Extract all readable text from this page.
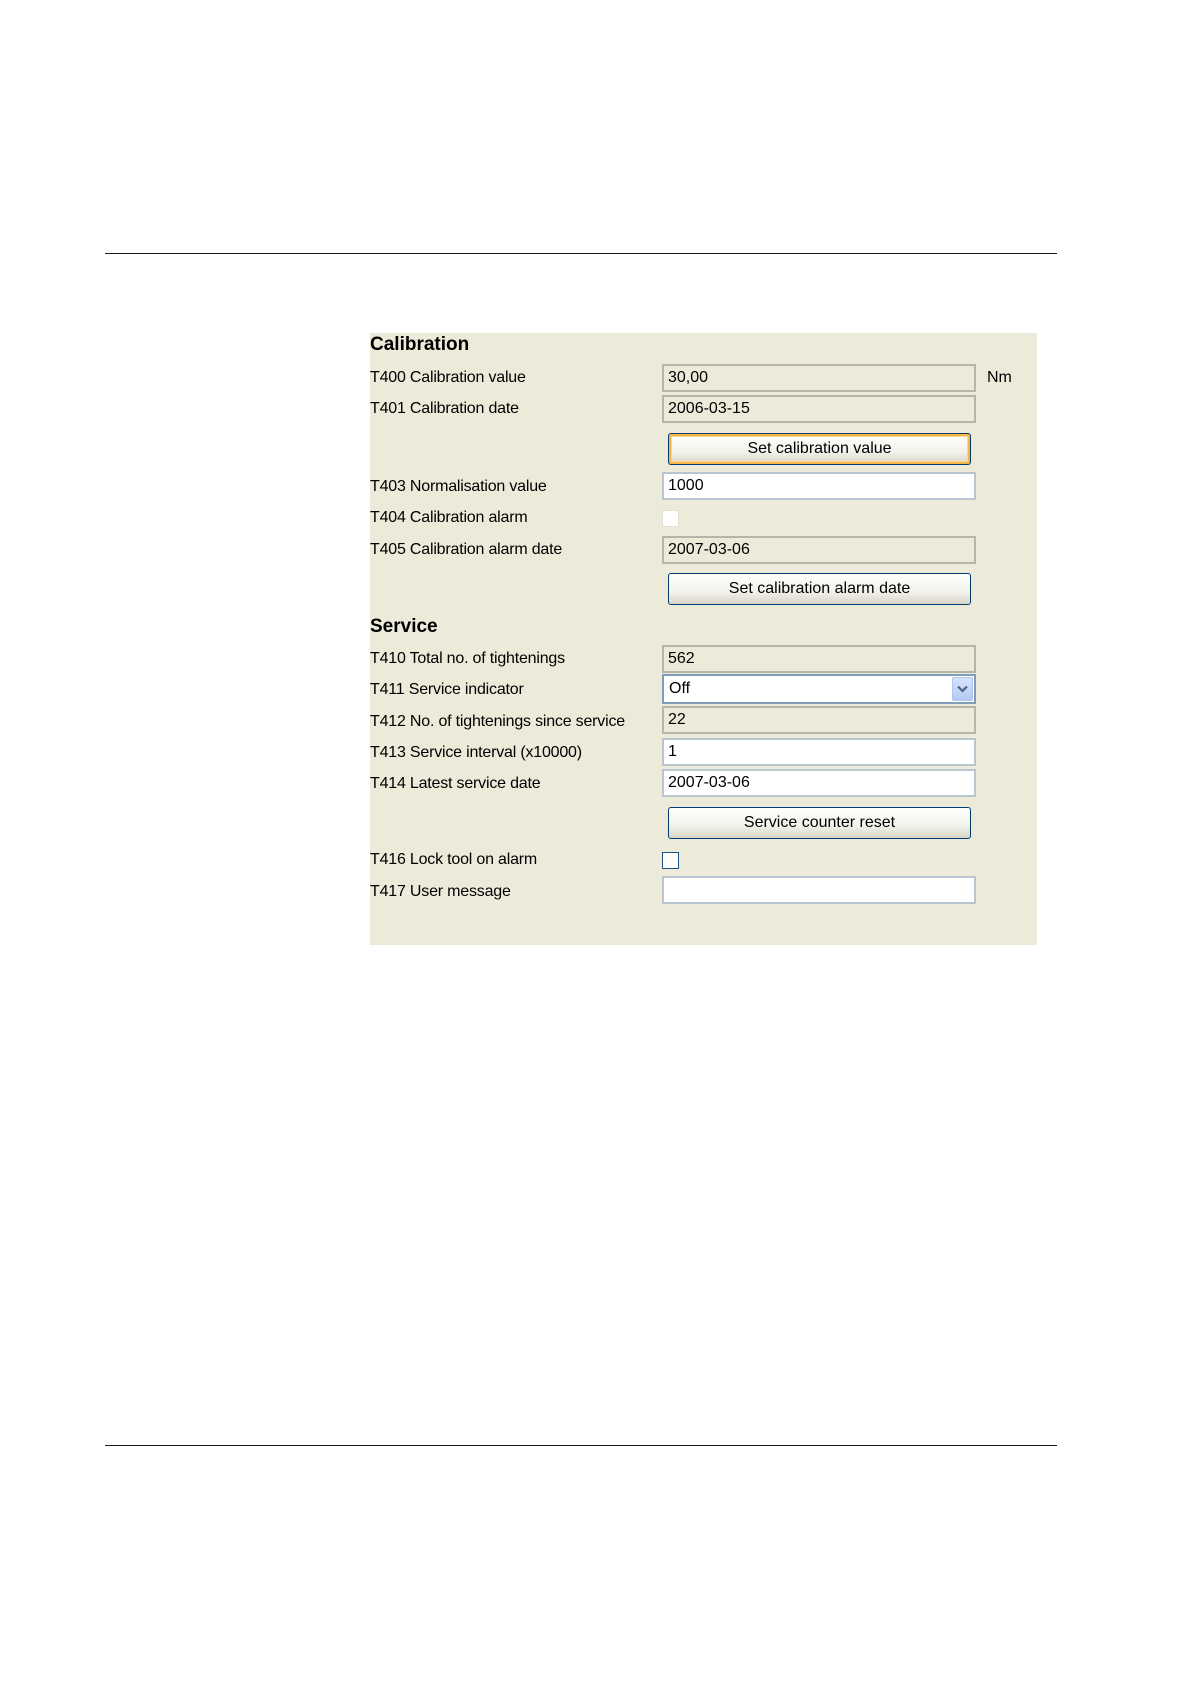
Calibration
T400 Calibration value	30,00	Nm
T401 Calibration date	2006-03-15
Set calibration value
T403 Normalisation value	1000
T404 Calibration alarm
T405 Calibration alarm date	2007-03-06
Set calibration alarm date
Service
T410 Total no. of tightenings	562
T411 Service indicator	Off
T412 No. of tightenings since service	22
T413 Service interval (x10000)	1
T414 Latest service date	2007-03-06
Service counter reset
T416 Lock tool on alarm
T417 User message
